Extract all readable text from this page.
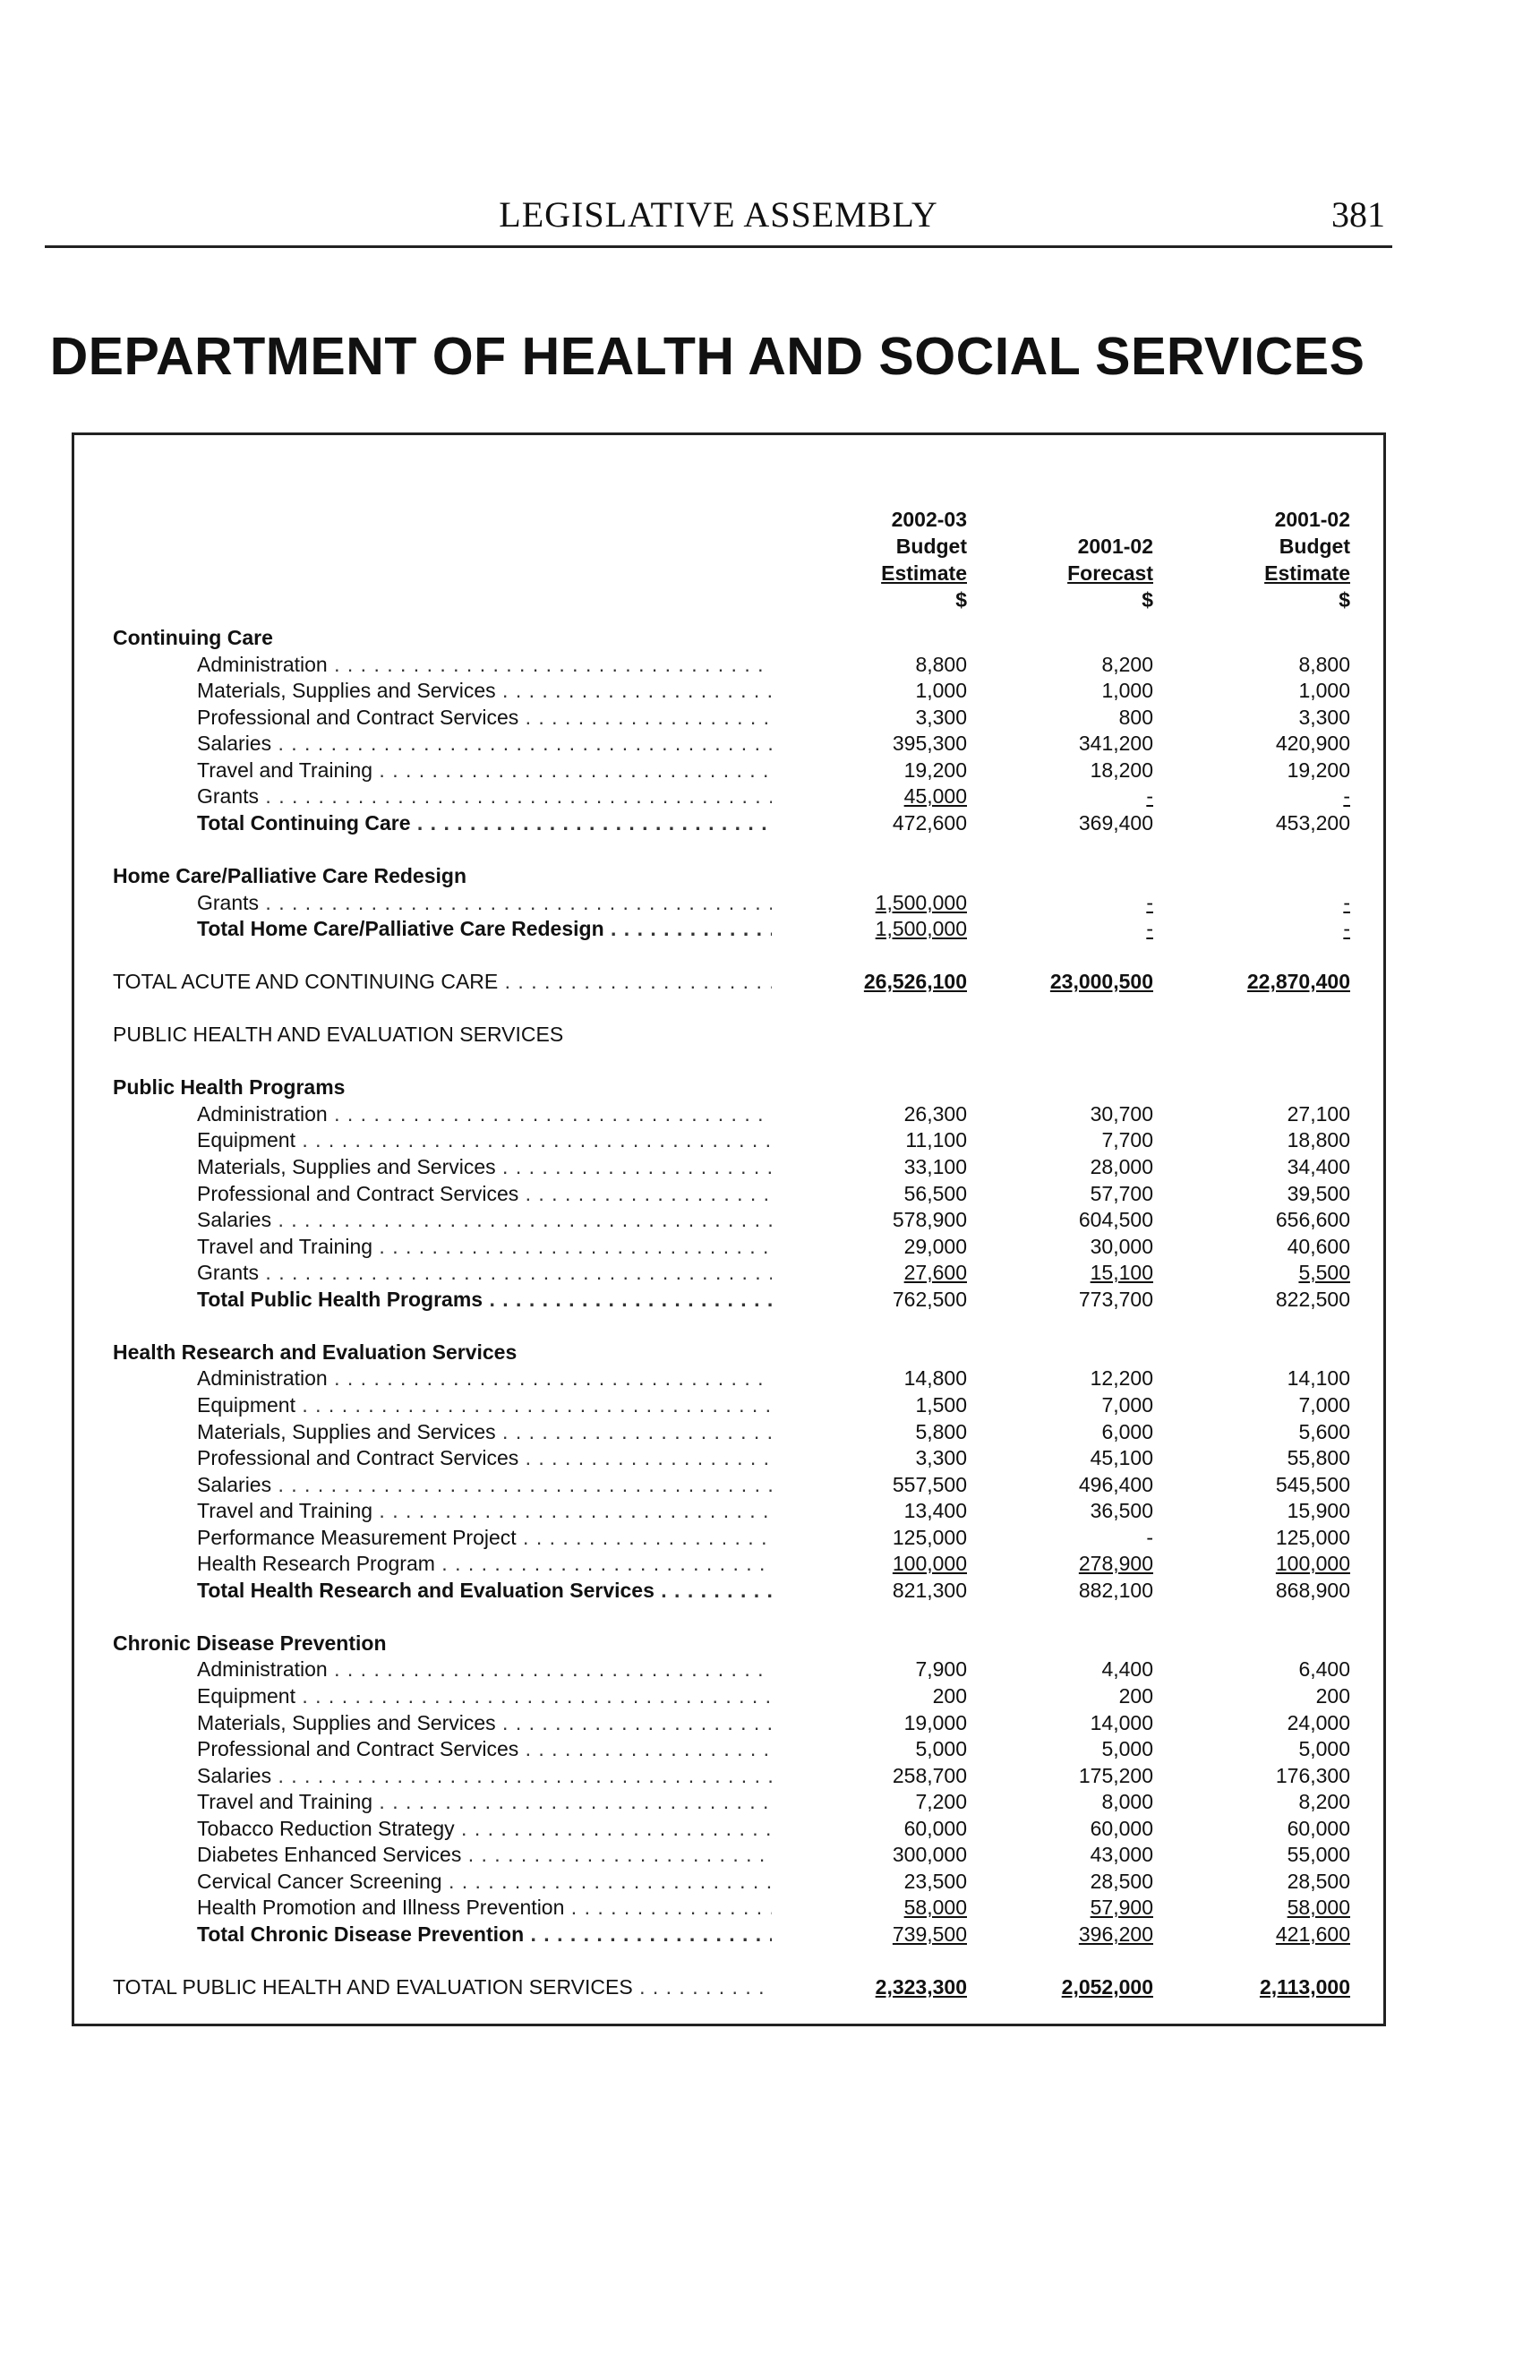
LEGISLATIVE ASSEMBLY	381
DEPARTMENT OF HEALTH AND SOCIAL SERVICES
2002-03
Budget
Estimate
$
2001-02
Forecast
$
2001-02
Budget
Estimate
$
Continuing Care
Administration . . .	8,800	8,200	8,800
Materials, Supplies and Services . . .	1,000	1,000	1,000
Professional and Contract Services . . .	3,300	800	3,300
Salaries . . .	395,300	341,200	420,900
Travel and Training . . .	19,200	18,200	19,200
Grants . . .	45,000	-	-
Total Continuing Care . . .	472,600	369,400	453,200
Home Care/Palliative Care Redesign
Grants . . .	1,500,000	-	-
Total Home Care/Palliative Care Redesign . . .	1,500,000	-	-
TOTAL ACUTE AND CONTINUING CARE . . .	26,526,100	23,000,500	22,870,400
PUBLIC HEALTH AND EVALUATION SERVICES
Public Health Programs
Administration . . .	26,300	30,700	27,100
Equipment . . .	11,100	7,700	18,800
Materials, Supplies and Services . . .	33,100	28,000	34,400
Professional and Contract Services . . .	56,500	57,700	39,500
Salaries . . .	578,900	604,500	656,600
Travel and Training . . .	29,000	30,000	40,600
Grants . . .	27,600	15,100	5,500
Total Public Health Programs . . .	762,500	773,700	822,500
Health Research and Evaluation Services
Administration . . .	14,800	12,200	14,100
Equipment . . .	1,500	7,000	7,000
Materials, Supplies and Services . . .	5,800	6,000	5,600
Professional and Contract Services . . .	3,300	45,100	55,800
Salaries . . .	557,500	496,400	545,500
Travel and Training . . .	13,400	36,500	15,900
Performance Measurement Project . . .	125,000	-	125,000
Health Research Program . . .	100,000	278,900	100,000
Total Health Research and Evaluation Services . . .	821,300	882,100	868,900
Chronic Disease Prevention
Administration . . .	7,900	4,400	6,400
Equipment . . .	200	200	200
Materials, Supplies and Services . . .	19,000	14,000	24,000
Professional and Contract Services . . .	5,000	5,000	5,000
Salaries . . .	258,700	175,200	176,300
Travel and Training . . .	7,200	8,000	8,200
Tobacco Reduction Strategy . . .	60,000	60,000	60,000
Diabetes Enhanced Services . . .	300,000	43,000	55,000
Cervical Cancer Screening . . .	23,500	28,500	28,500
Health Promotion and Illness Prevention . . .	58,000	57,900	58,000
Total Chronic Disease Prevention . . .	739,500	396,200	421,600
TOTAL PUBLIC HEALTH AND EVALUATION SERVICES . . .	2,323,300	2,052,000	2,113,000
